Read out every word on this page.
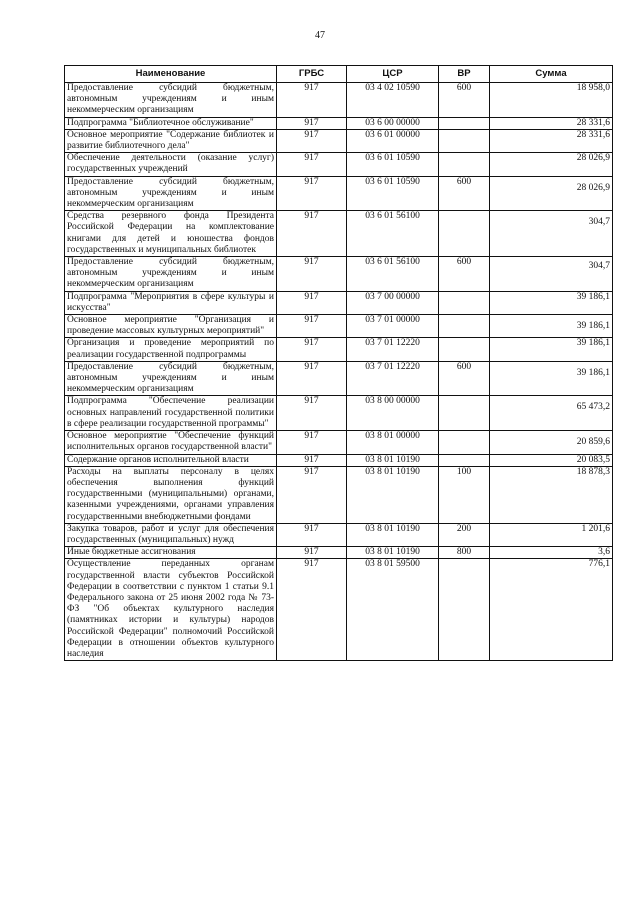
47
Наименование	ГРБС	ЦСР	ВР	Сумма
Предоставление субсидий бюджетным, автономным учреждениям и иным некоммерческим организациям	917	03 4 02 10590	600	18 958,0
Подпрограмма "Библиотечное обслуживание"	917	03 6 00 00000		28 331,6
Основное мероприятие "Содержание библиотек и развитие библиотечного дела"	917	03 6 01 00000		28 331,6
Обеспечение деятельности (оказание услуг) государственных учреждений	917	03 6 01 10590		28 026,9
Предоставление субсидий бюджетным, автономным учреждениям и иным некоммерческим организациям	917	03 6 01 10590	600	28 026,9
Средства резервного фонда Президента Российской Федерации на комплектование книгами для детей и юношества фондов государственных и муниципальных библиотек	917	03 6 01 56100		304,7
Предоставление субсидий бюджетным, автономным учреждениям и иным некоммерческим организациям	917	03 6 01 56100	600	304,7
Подпрограмма "Мероприятия в сфере культуры и искусства"	917	03 7 00 00000		39 186,1
Основное мероприятие "Организация и проведение массовых культурных мероприятий"	917	03 7 01 00000		39 186,1
Организация и проведение мероприятий по реализации государственной подпрограммы	917	03 7 01 12220		39 186,1
Предоставление субсидий бюджетным, автономным учреждениям и иным некоммерческим организациям	917	03 7 01 12220	600	39 186,1
Подпрограмма "Обеспечение реализации основных направлений государственной политики в сфере реализации государственной программы"	917	03 8 00 00000		65 473,2
Основное мероприятие "Обеспечение функций исполнительных органов государственной власти"	917	03 8 01 00000		20 859,6
Содержание органов исполнительной власти	917	03 8 01 10190		20 083,5
Расходы на выплаты персоналу в целях обеспечения выполнения функций государственными (муниципальными) органами, казенными учреждениями, органами управления государственными внебюджетными фондами	917	03 8 01 10190	100	18 878,3
Закупка товаров, работ и услуг для обеспечения государственных (муниципальных) нужд	917	03 8 01 10190	200	1 201,6
Иные бюджетные ассигнования	917	03 8 01 10190	800	3,6
Осуществление переданных органам государственной власти субъектов Российской Федерации в соответствии с пунктом 1 статьи 9.1 Федерального закона от 25 июня 2002 года № 73-ФЗ "Об объектах культурного наследия (памятниках истории и культуры) народов Российской Федерации" полномочий Российской Федерации в отношении объектов культурного наследия	917	03 8 01 59500		776,1
